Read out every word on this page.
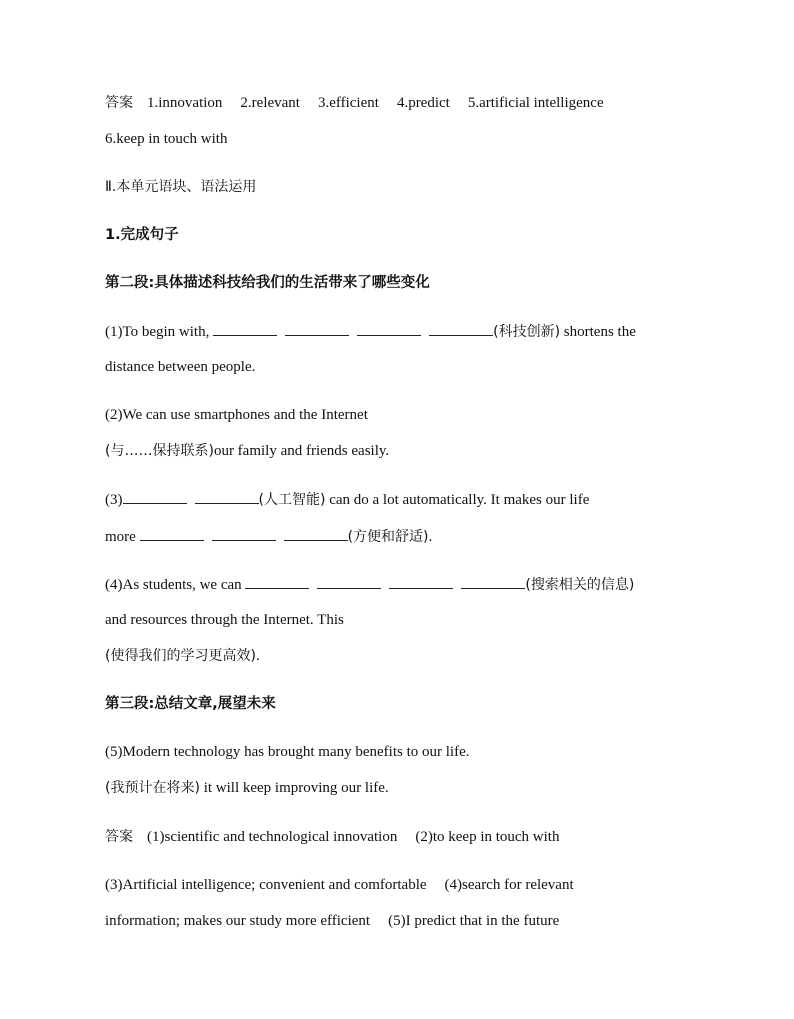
答案 1.innovation 2.relevant 3.efficient 4.predict 5.artificial intelligence
6.keep in touch with
Ⅱ.本单元语块、语法运用
1.完成句子
第二段:具体描述科技给我们的生活带来了哪些变化
(1)To begin with,	(科技创新) shortens the
distance between people.
(2)We can use smartphones and the Internet
(与……保持联系)our family and friends easily.
(3)	(人工智能) can do a lot automatically. It makes our life
more	(方便和舒适).
(4)As students, we can	(搜索相关的信息)
and resources through the Internet. This
(使得我们的学习更高效).
第三段:总结文章,展望未来
(5)Modern technology has brought many benefits to our life.
(我预计在将来) it will keep improving our life.
答案 (1)scientific and technological innovation (2)to keep in touch with
(3)Artificial intelligence; convenient and comfortable (4)search for relevant
information; makes our study more efficient (5)I predict that in the future
